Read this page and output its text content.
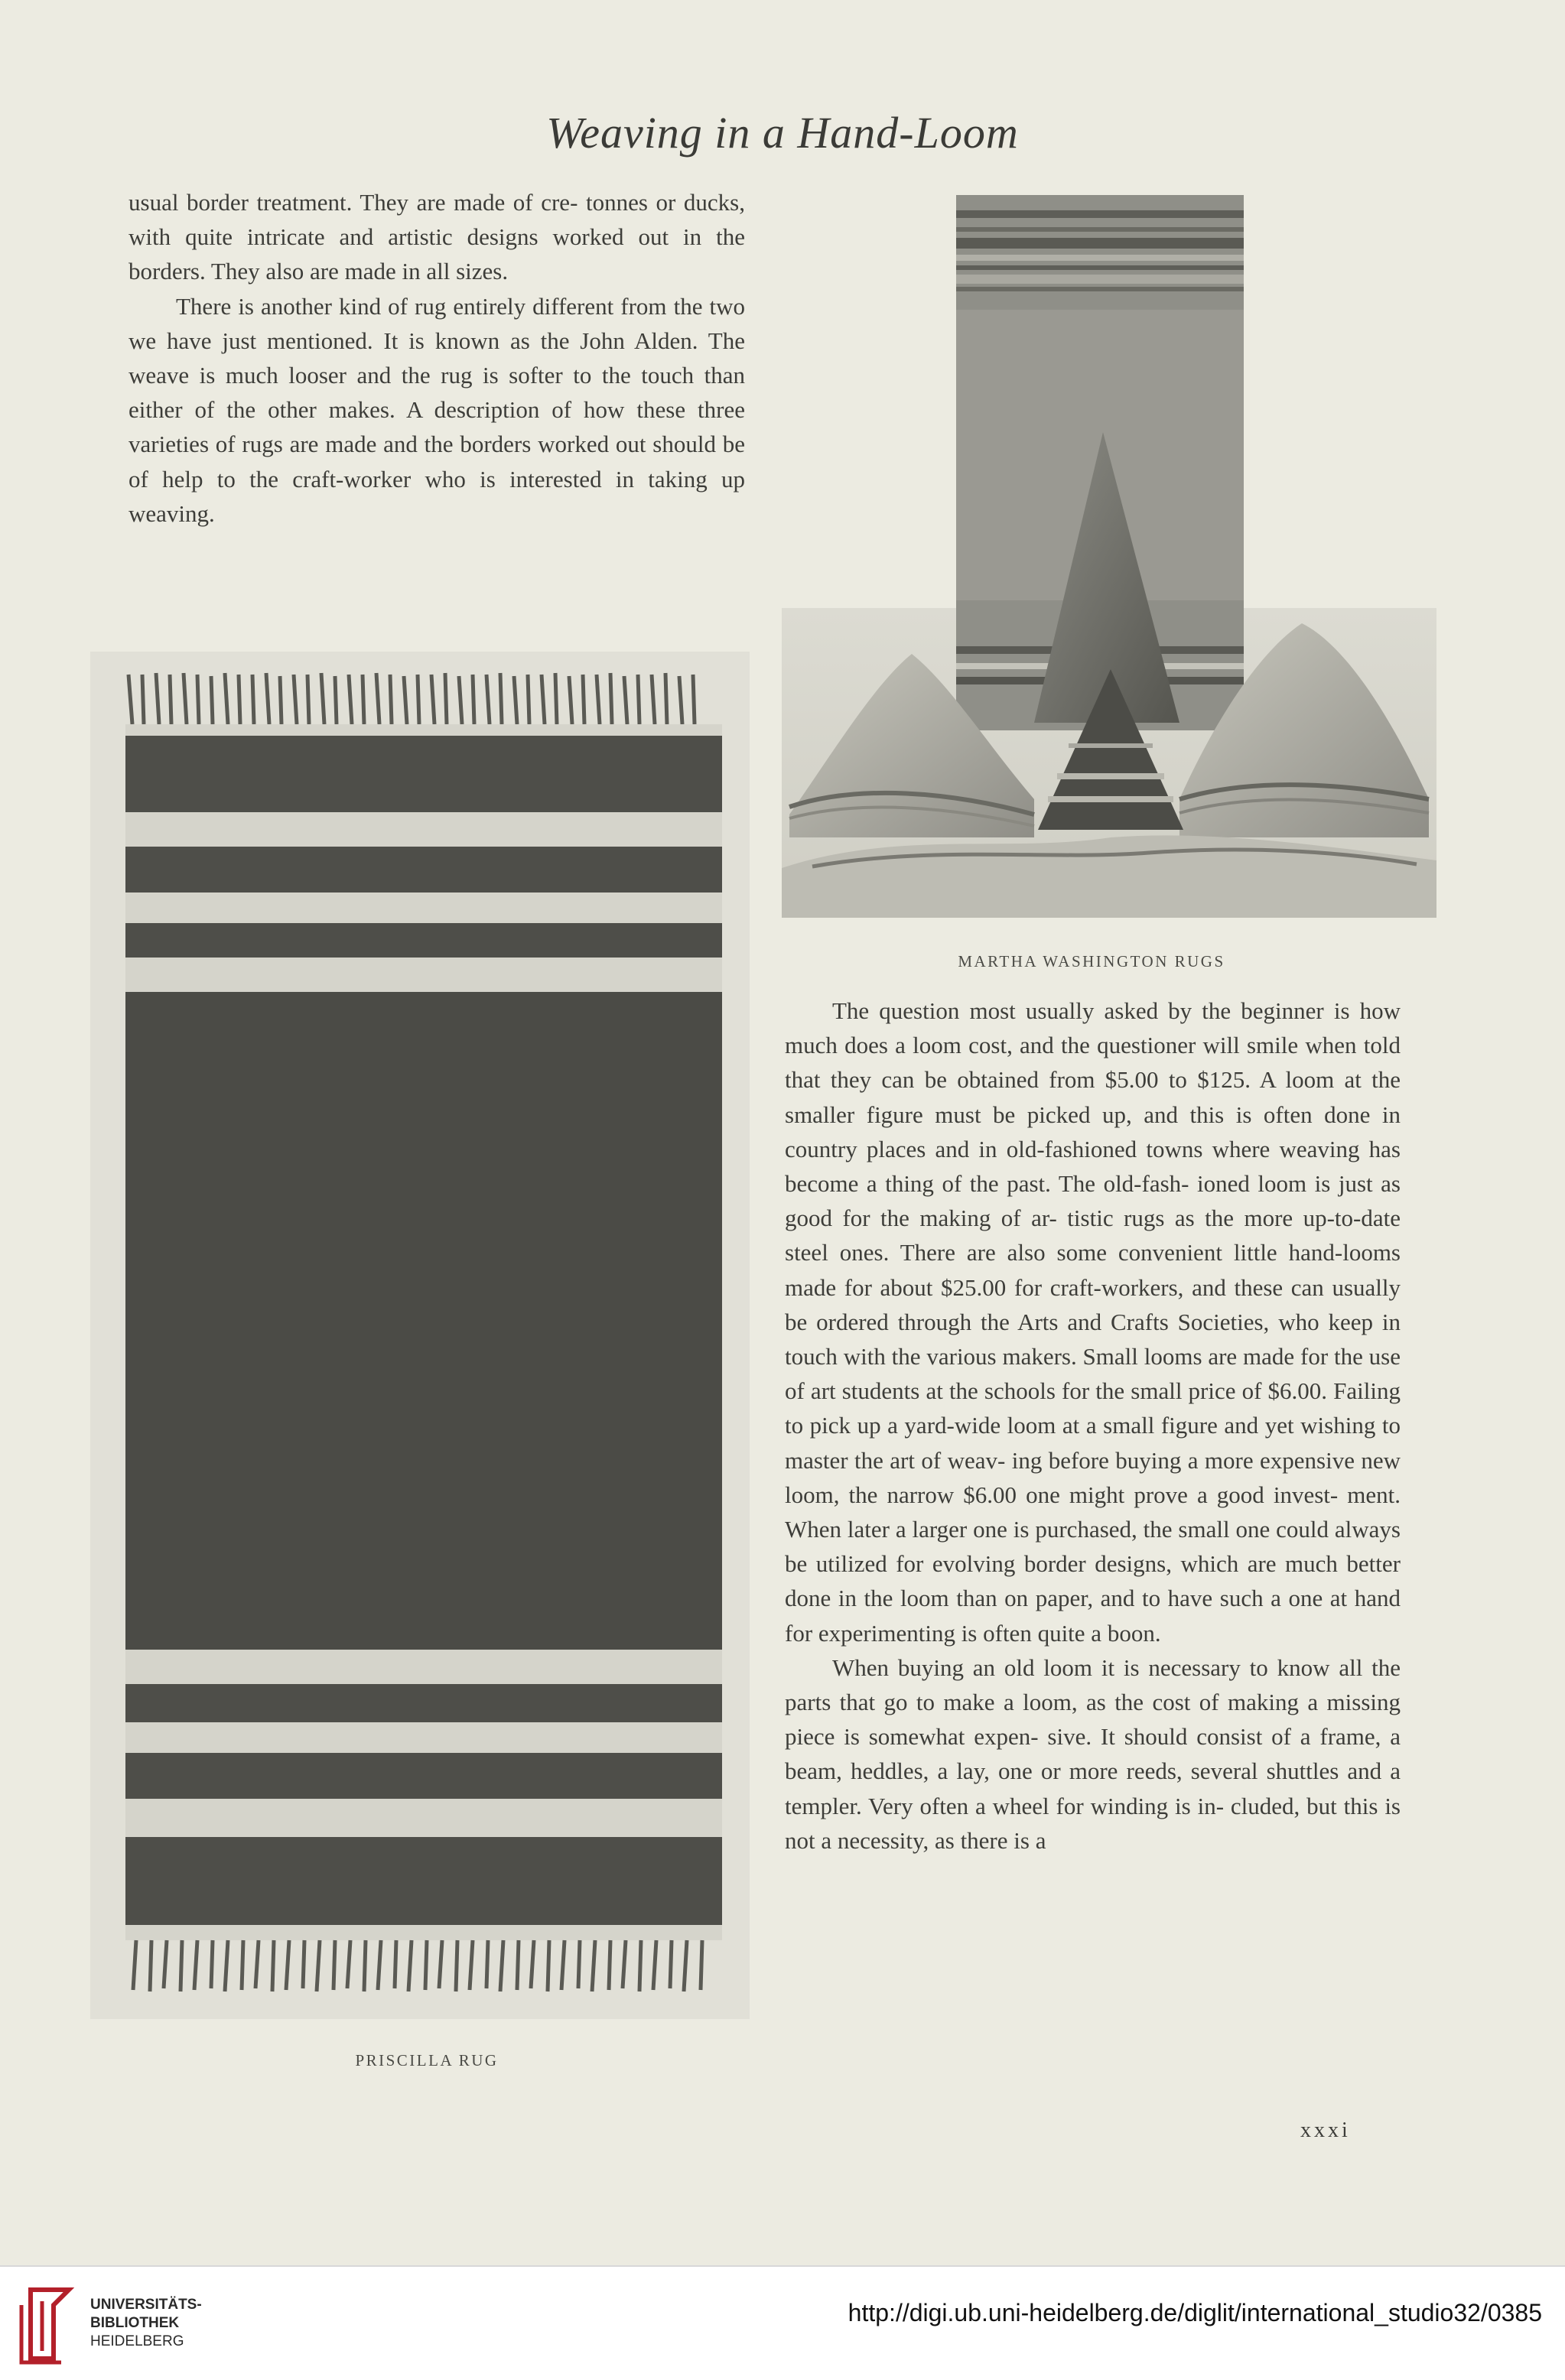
Weaving in a Hand-Loom

usual border treatment. They are made of cre- tonnes or ducks, with quite intricate and artistic designs worked out in the borders. They also are made in all sizes.

There is another kind of rug entirely different from the two we have just mentioned. It is known as the John Alden. The weave is much looser and the rug is softer to the touch than either of the other makes. A description of how these three varieties of rugs are made and the borders worked out should be of help to the craft-worker who is interested in taking up weaving.

MARTHA WASHINGTON RUGS
PRISCILLA RUG

The question most usually asked by the beginner is how much does a loom cost, and the questioner will smile when told that they can be obtained from $5.00 to $125. A loom at the smaller figure must be picked up, and this is often done in country places and in old-fashioned towns where weaving has become a thing of the past. The old-fash- ioned loom is just as good for the making of ar- tistic rugs as the more up-to-date steel ones. There are also some convenient little hand-looms made for about $25.00 for craft-workers, and these can usually be ordered through the Arts and Crafts Societies, who keep in touch with the various makers. Small looms are made for the use of art students at the schools for the small price of $6.00. Failing to pick up a yard-wide loom at a small figure and yet wishing to master the art of weav- ing before buying a more expensive new loom, the narrow $6.00 one might prove a good invest- ment. When later a larger one is purchased, the small one could always be utilized for evolving border designs, which are much better done in the loom than on paper, and to have such a one at hand for experimenting is often quite a boon.

When buying an old loom it is necessary to know all the parts that go to make a loom, as the cost of making a missing piece is somewhat expen- sive. It should consist of a frame, a beam, heddles, a lay, one or more reeds, several shuttles and a templer. Very often a wheel for winding is in- cluded, but this is not a necessity, as there is a

xxxi
UNIVERSITÄTS-
BIBLIOTHEK
HEIDELBERG
http://digi.ub.uni-heidelberg.de/diglit/international_studio32/0385
